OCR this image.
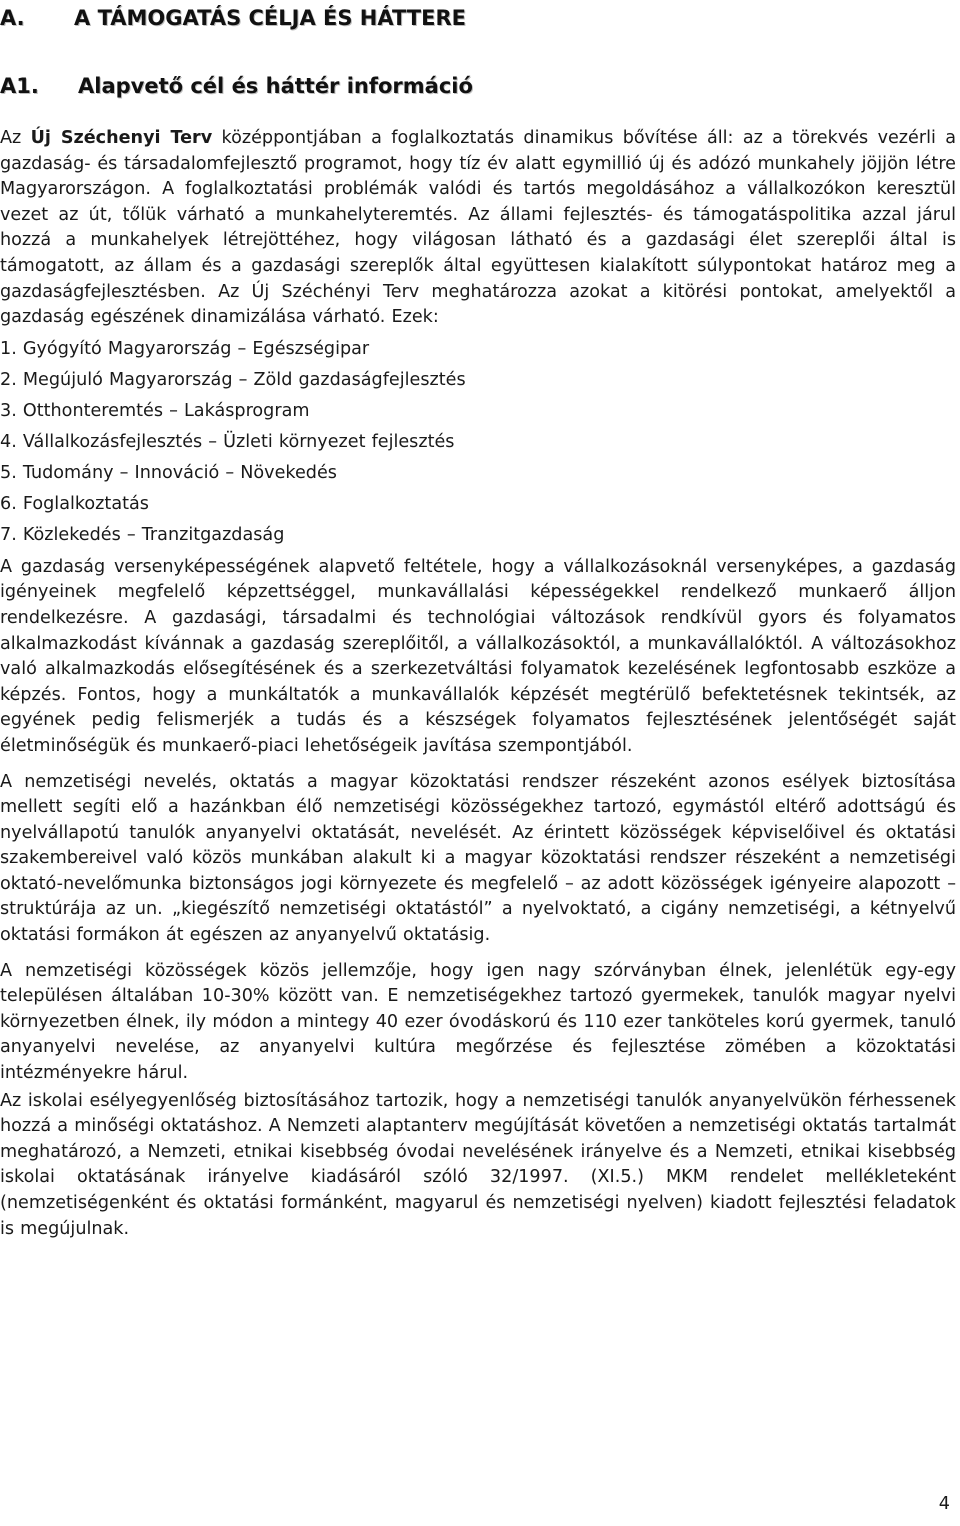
A. A TÁMOGATÁS CÉLJA ÉS HÁTTERE
A1. Alapvető cél és háttér információ

Az Új Széchenyi Terv középpontjában a foglalkoztatás dinamikus bővítése áll: az a törekvés vezérli a gazdaság- és társadalomfejlesztő programot, hogy tíz év alatt egymillió új és adózó munkahely jöjjön létre Magyarországon. A foglalkoztatási problémák valódi és tartós megoldásához a vállalkozókon keresztül vezet az út, tőlük várható a munkahelyteremtés. Az állami fejlesztés- és támogatáspolitika azzal járul hozzá a munkahelyek létrejöttéhez, hogy világosan látható és a gazdasági élet szereplői által is támogatott, az állam és a gazdasági szereplők által együttesen kialakított súlypontokat határoz meg a gazdaságfejlesztésben. Az Új Széchényi Terv meghatározza azokat a kitörési pontokat, amelyektől a gazdaság egészének dinamizálása várható. Ezek:

1. Gyógyító Magyarország – Egészségipar
2. Megújuló Magyarország – Zöld gazdaságfejlesztés
3. Otthonteremtés – Lakásprogram
4. Vállalkozásfejlesztés – Üzleti környezet fejlesztés
5. Tudomány – Innováció – Növekedés
6. Foglalkoztatás
7. Közlekedés – Tranzitgazdaság

A gazdaság versenyképességének alapvető feltétele, hogy a vállalkozásoknál versenyképes, a gazdaság igényeinek megfelelő képzettséggel, munkavállalási képességekkel rendelkező munkaerő álljon rendelkezésre. A gazdasági, társadalmi és technológiai változások rendkívül gyors és folyamatos alkalmazkodást kívánnak a gazdaság szereplőitől, a vállalkozásoktól, a munkavállalóktól. A változásokhoz való alkalmazkodás elősegítésének és a szerkezetváltási folyamatok kezelésének legfontosabb eszköze a képzés. Fontos, hogy a munkáltatók a munkavállalók képzését megtérülő befektetésnek tekintsék, az egyének pedig felismerjék a tudás és a készségek folyamatos fejlesztésének jelentőségét saját életminőségük és munkaerő-piaci lehetőségeik javítása szempontjából.

A nemzetiségi nevelés, oktatás a magyar közoktatási rendszer részeként azonos esélyek biztosítása mellett segíti elő a hazánkban élő nemzetiségi közösségekhez tartozó, egymástól eltérő adottságú és nyelvállapotú tanulók anyanyelvi oktatását, nevelését. Az érintett közösségek képviselőivel és oktatási szakembereivel való közös munkában alakult ki a magyar közoktatási rendszer részeként a nemzetiségi oktató-nevelőmunka biztonságos jogi környezete és megfelelő – az adott közösségek igényeire alapozott – struktúrája az un. „kiegészítő nemzetiségi oktatástól” a nyelvoktató, a cigány nemzetiségi, a kétnyelvű oktatási formákon át egészen az anyanyelvű oktatásig.

A nemzetiségi közösségek közös jellemzője, hogy igen nagy szórványban élnek, jelenlétük egy-egy településen általában 10-30% között van. E nemzetiségekhez tartozó gyermekek, tanulók magyar nyelvi környezetben élnek, ily módon a mintegy 40 ezer óvodáskorú és 110 ezer tanköteles korú gyermek, tanuló anyanyelvi nevelése, az anyanyelvi kultúra megőrzése és fejlesztése zömében a közoktatási intézményekre hárul.

Az iskolai esélyegyenlőség biztosításához tartozik, hogy a nemzetiségi tanulók anyanyelvükön férhessenek hozzá a minőségi oktatáshoz. A Nemzeti alaptanterv megújítását követően a nemzetiségi oktatás tartalmát meghatározó, a Nemzeti, etnikai kisebbség óvodai nevelésének irányelve és a Nemzeti, etnikai kisebbség iskolai oktatásának irányelve kiadásáról szóló 32/1997. (XI.5.) MKM rendelet mellékleteként (nemzetiségenként és oktatási formánként, magyarul és nemzetiségi nyelven) kiadott fejlesztési feladatok is megújulnak.

4
